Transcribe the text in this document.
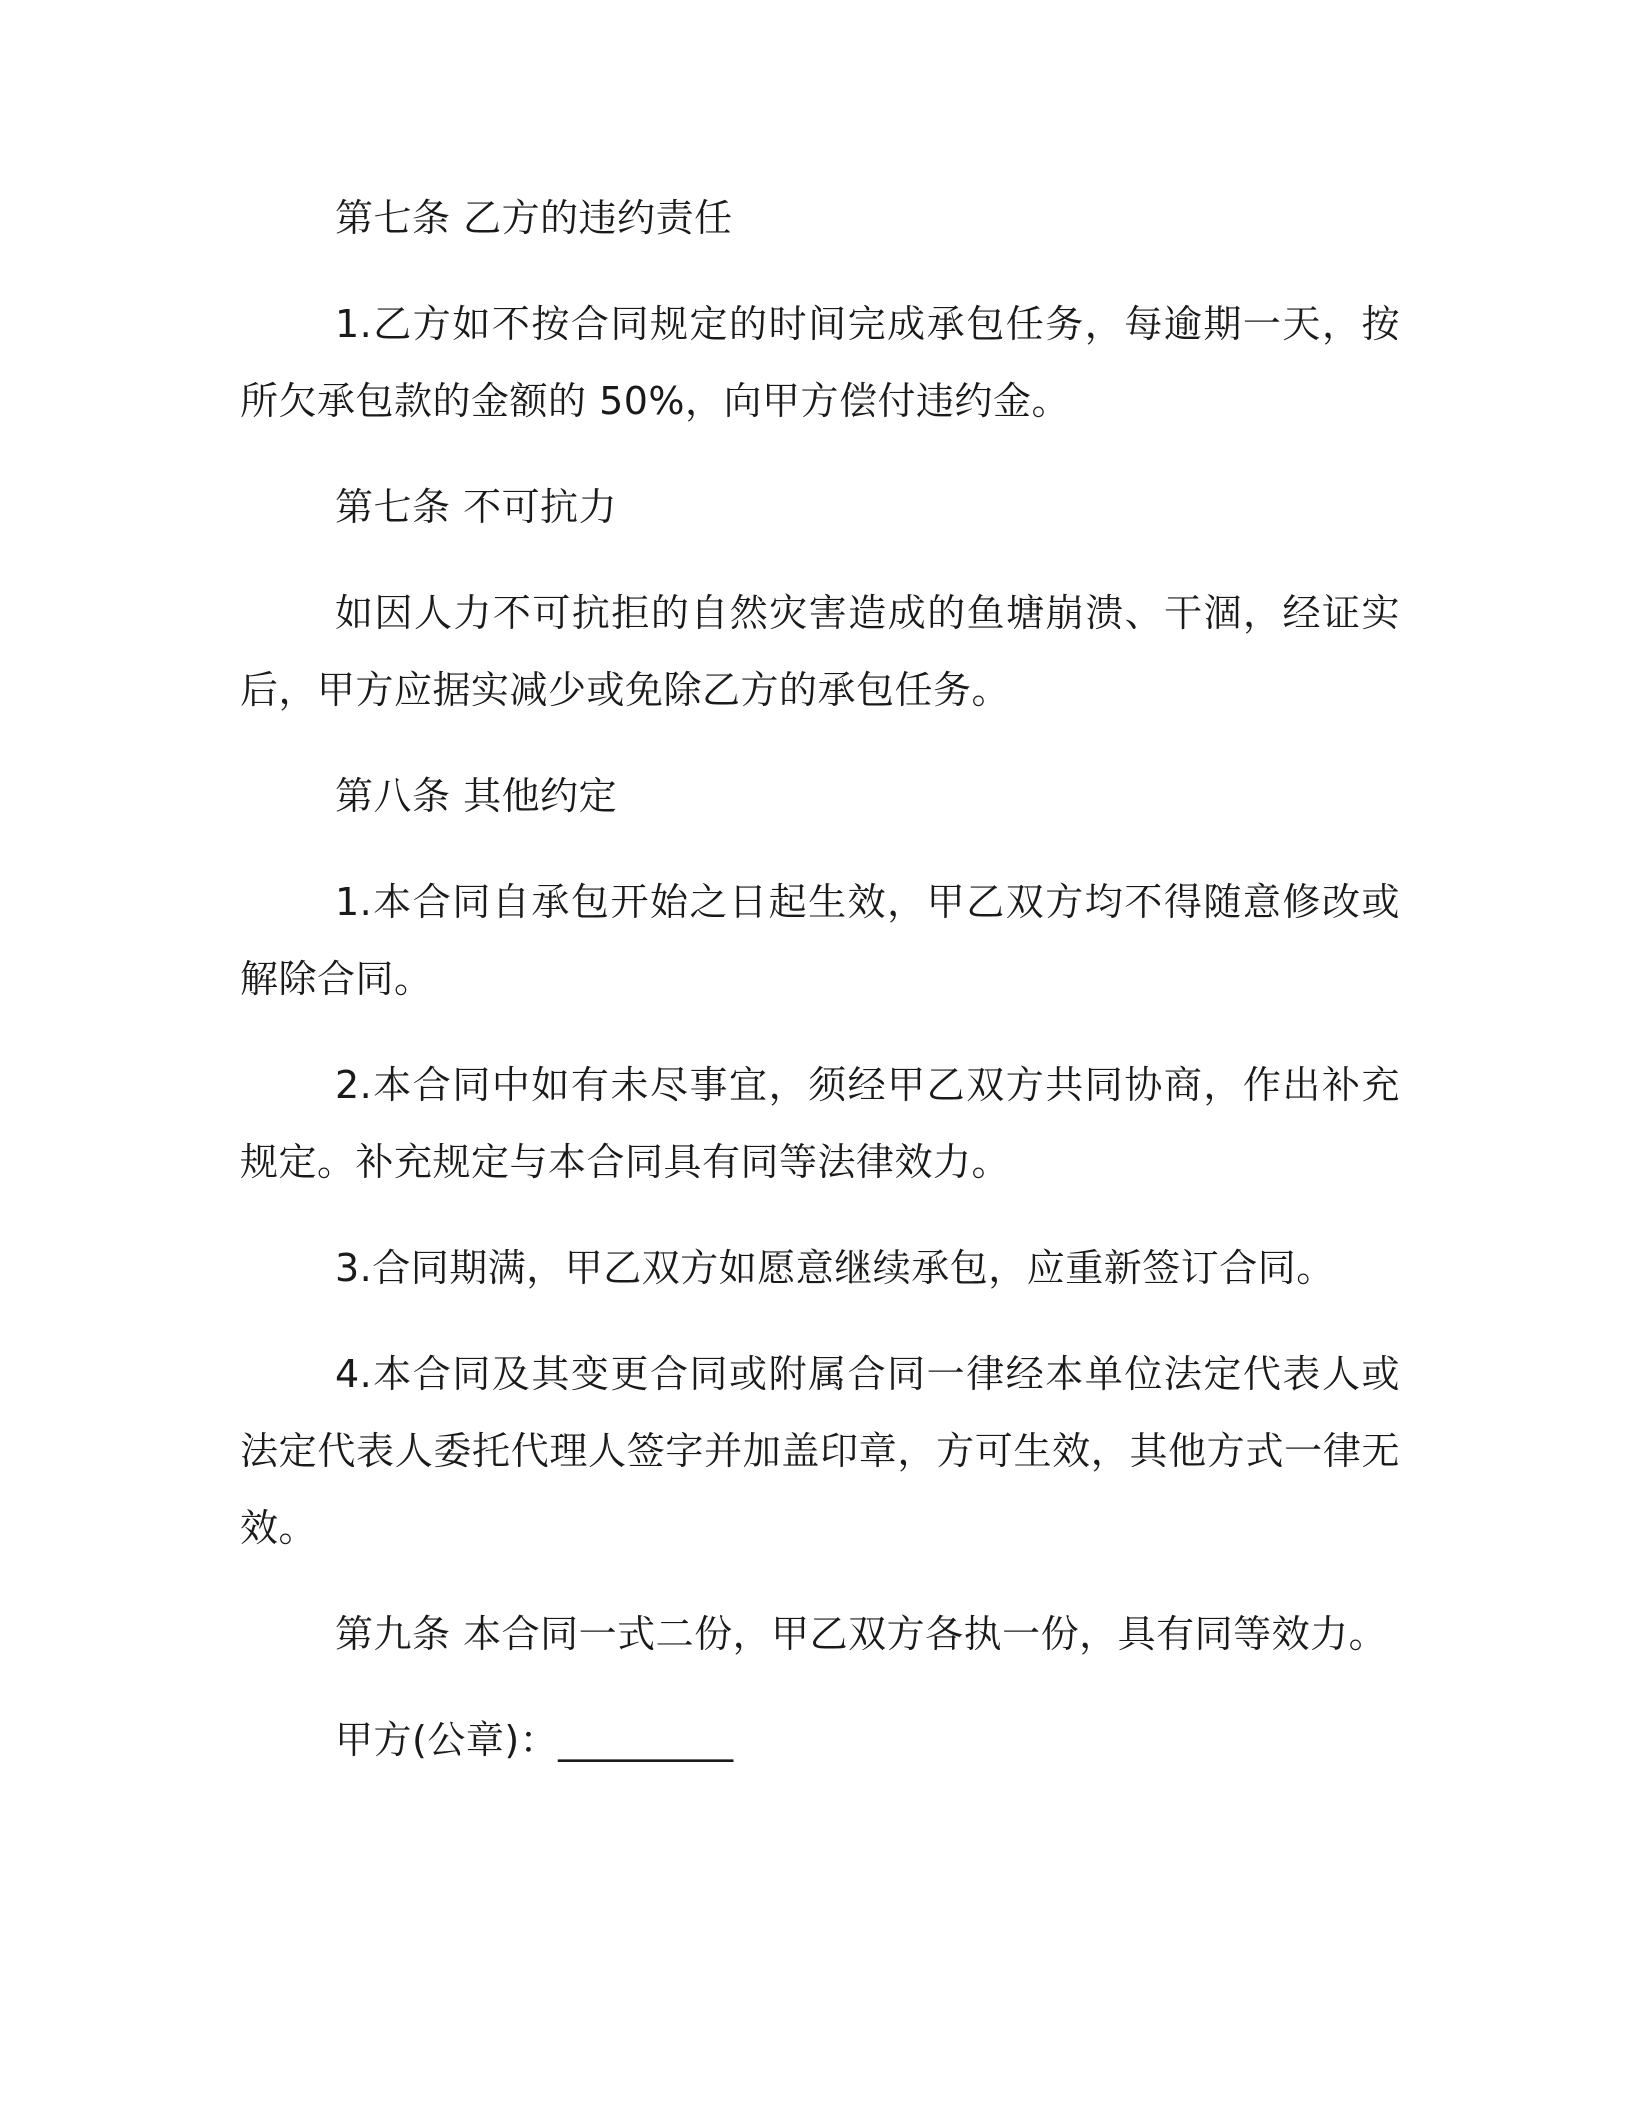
第七条 乙方的违约责任

1.乙方如不按合同规定的时间完成承包任务，每逾期一天，按所欠承包款的金额的 50%，向甲方偿付违约金。

第七条 不可抗力

如因人力不可抗拒的自然灾害造成的鱼塘崩溃、干涸，经证实后，甲方应据实减少或免除乙方的承包任务。

第八条 其他约定

1.本合同自承包开始之日起生效，甲乙双方均不得随意修改或解除合同。

2.本合同中如有未尽事宜，须经甲乙双方共同协商，作出补充规定。补充规定与本合同具有同等法律效力。

3.合同期满，甲乙双方如愿意继续承包，应重新签订合同。

4.本合同及其变更合同或附属合同一律经本单位法定代表人或法定代表人委托代理人签字并加盖印章，方可生效，其他方式一律无效。

第九条 本合同一式二份，甲乙双方各执一份，具有同等效力。

甲方(公章)：_________
